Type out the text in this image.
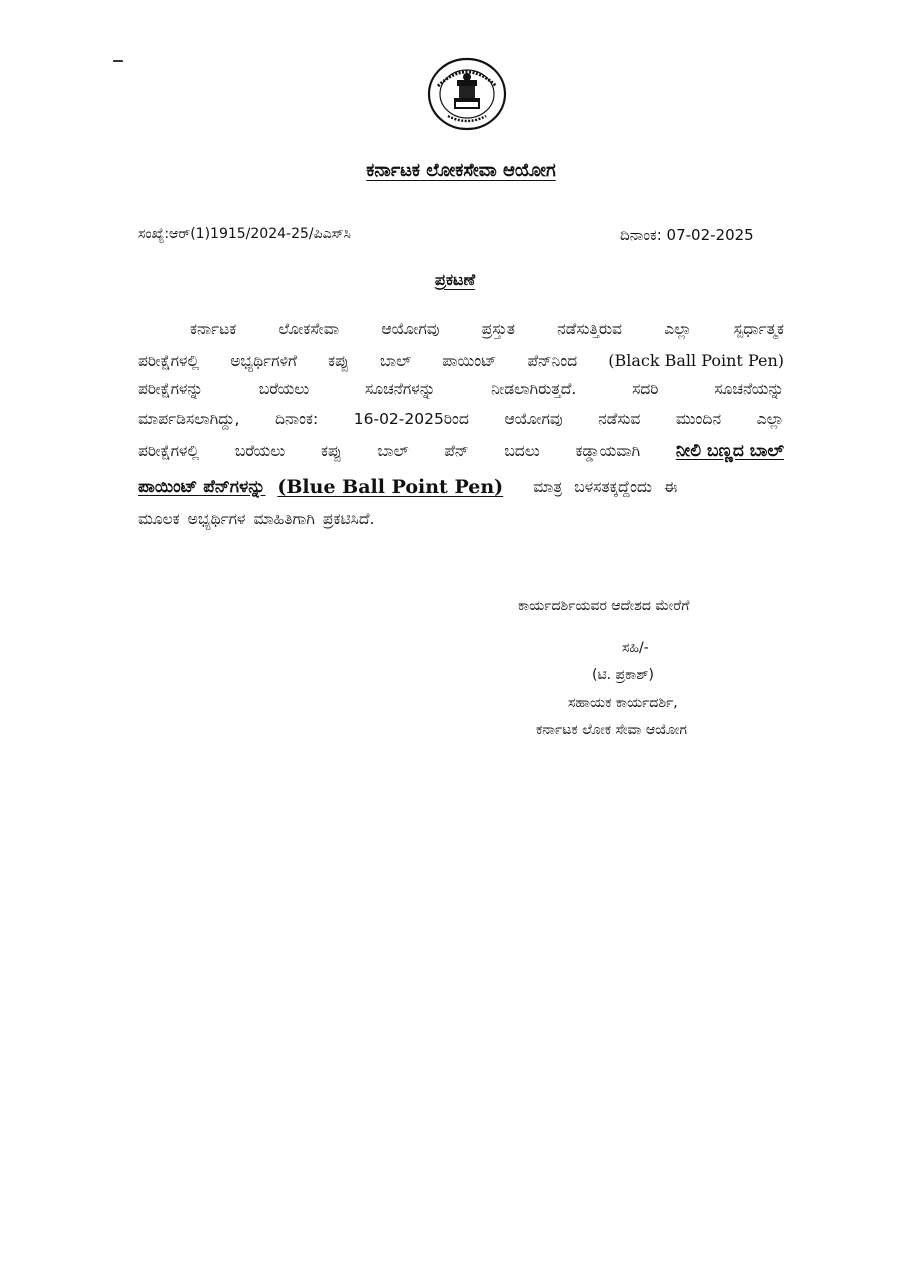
ಕರ್ನಾಟಕ ಲೋಕಸೇವಾ ಆಯೋಗ
ಸಂಖ್ಯೆ:ಆರ್(1)1915/2024-25/ಪಿಎಸ್‌ಸಿ	ದಿನಾಂಕ: 07-02-2025
ಪ್ರಕಟಣೆ
ಕರ್ನಾಟಕ	ಲೋಕಸೇವಾ	ಆಯೋಗವು	ಪ್ರಸ್ತುತ	ನಡೆಸುತ್ತಿರುವ	ಎಲ್ಲಾ	ಸ್ಪರ್ಧಾತ್ಮಕ
ಪರೀಕ್ಷೆಗಳಲ್ಲಿ ಅಭ್ಯರ್ಥಿಗಳಿಗೆ ಕಪ್ಪು ಬಾಲ್ ಪಾಯಿಂಟ್ ಪೆನ್‌ನಿಂದ (Black Ball Point Pen)
ಪರೀಕ್ಷೆಗಳನ್ನು	ಬರೆಯಲು	ಸೂಚನೆಗಳನ್ನು	ನೀಡಲಾಗಿರುತ್ತದೆ.	ಸದರಿ	ಸೂಚನೆಯನ್ನು
ಮಾರ್ಪಡಿಸಲಾಗಿದ್ದು, ದಿನಾಂಕ: 16-02-2025ರಿಂದ ಆಯೋಗವು ನಡೆಸುವ ಮುಂದಿನ ಎಲ್ಲಾ
ಪರೀಕ್ಷೆಗಳಲ್ಲಿ ಬರೆಯಲು ಕಪ್ಪು ಬಾಲ್ ಪೆನ್ ಬದಲು ಕಡ್ಡಾಯವಾಗಿ ನೀಲಿ ಬಣ್ಣದ ಬಾಲ್
ಪಾಯಿಂಟ್ ಪೆನ್‌ಗಳನ್ನು (Blue Ball Point Pen) ಮಾತ್ರ ಬಳಸತಕ್ಕದ್ದೆಂದು ಈ
ಮೂಲಕ ಅಭ್ಯರ್ಥಿಗಳ ಮಾಹಿತಿಗಾಗಿ ಪ್ರಕಟಿಸಿದೆ.
ಕಾರ್ಯದರ್ಶಿಯವರ ಆದೇಶದ ಮೇರೆಗೆ
ಸಹಿ/-
(ಟಿ. ಪ್ರಕಾಶ್)
ಸಹಾಯಕ ಕಾರ್ಯದರ್ಶಿ,
ಕರ್ನಾಟಕ ಲೋಕ ಸೇವಾ ಆಯೋಗ
